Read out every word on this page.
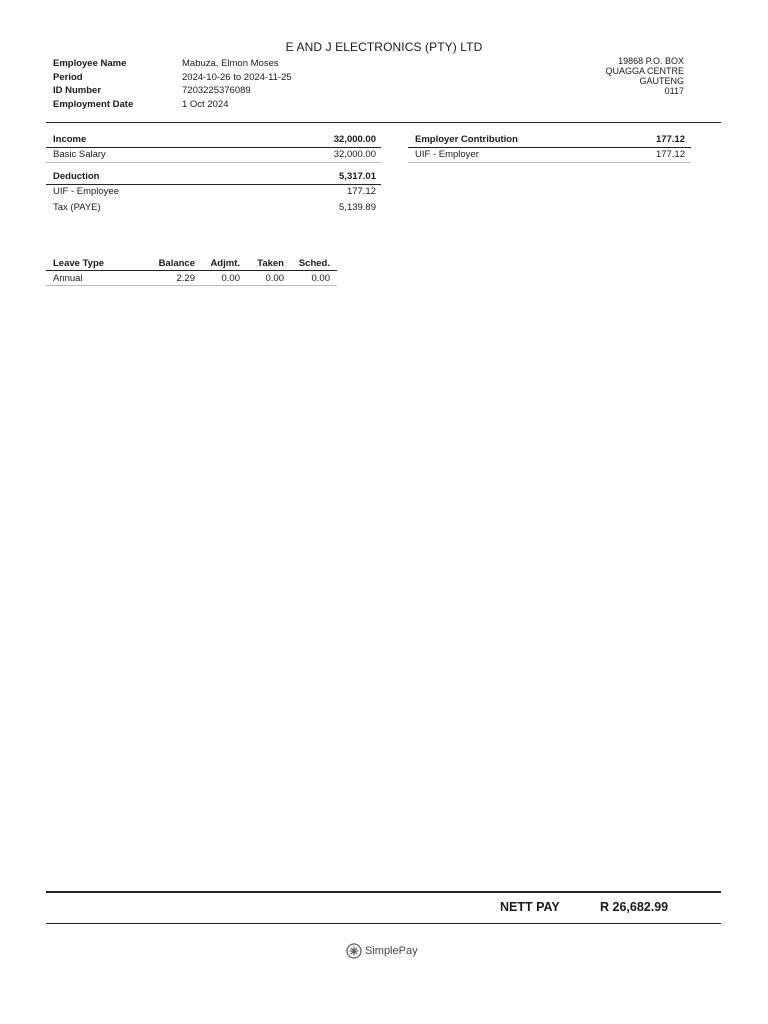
E AND J ELECTRONICS (PTY) LTD
Employee Name	Mabuza, Elmon Moses
Period	2024-10-26 to 2024-11-25
ID Number	7203225376089
Employment Date	1 Oct 2024
19868 P.O. BOX
QUAGGA CENTRE
GAUTENG
0117
Income	32,000.00
Basic Salary	32,000.00
Deduction	5,317.01
UIF - Employee	177.12
Tax (PAYE)	5,139.89
Employer Contribution	177.12
UIF - Employer	177.12
Leave Type	Balance	Adjmt.	Taken	Sched.
Annual	2.29	0.00	0.00	0.00
NETT PAY	R 26,682.99
SimplePay
